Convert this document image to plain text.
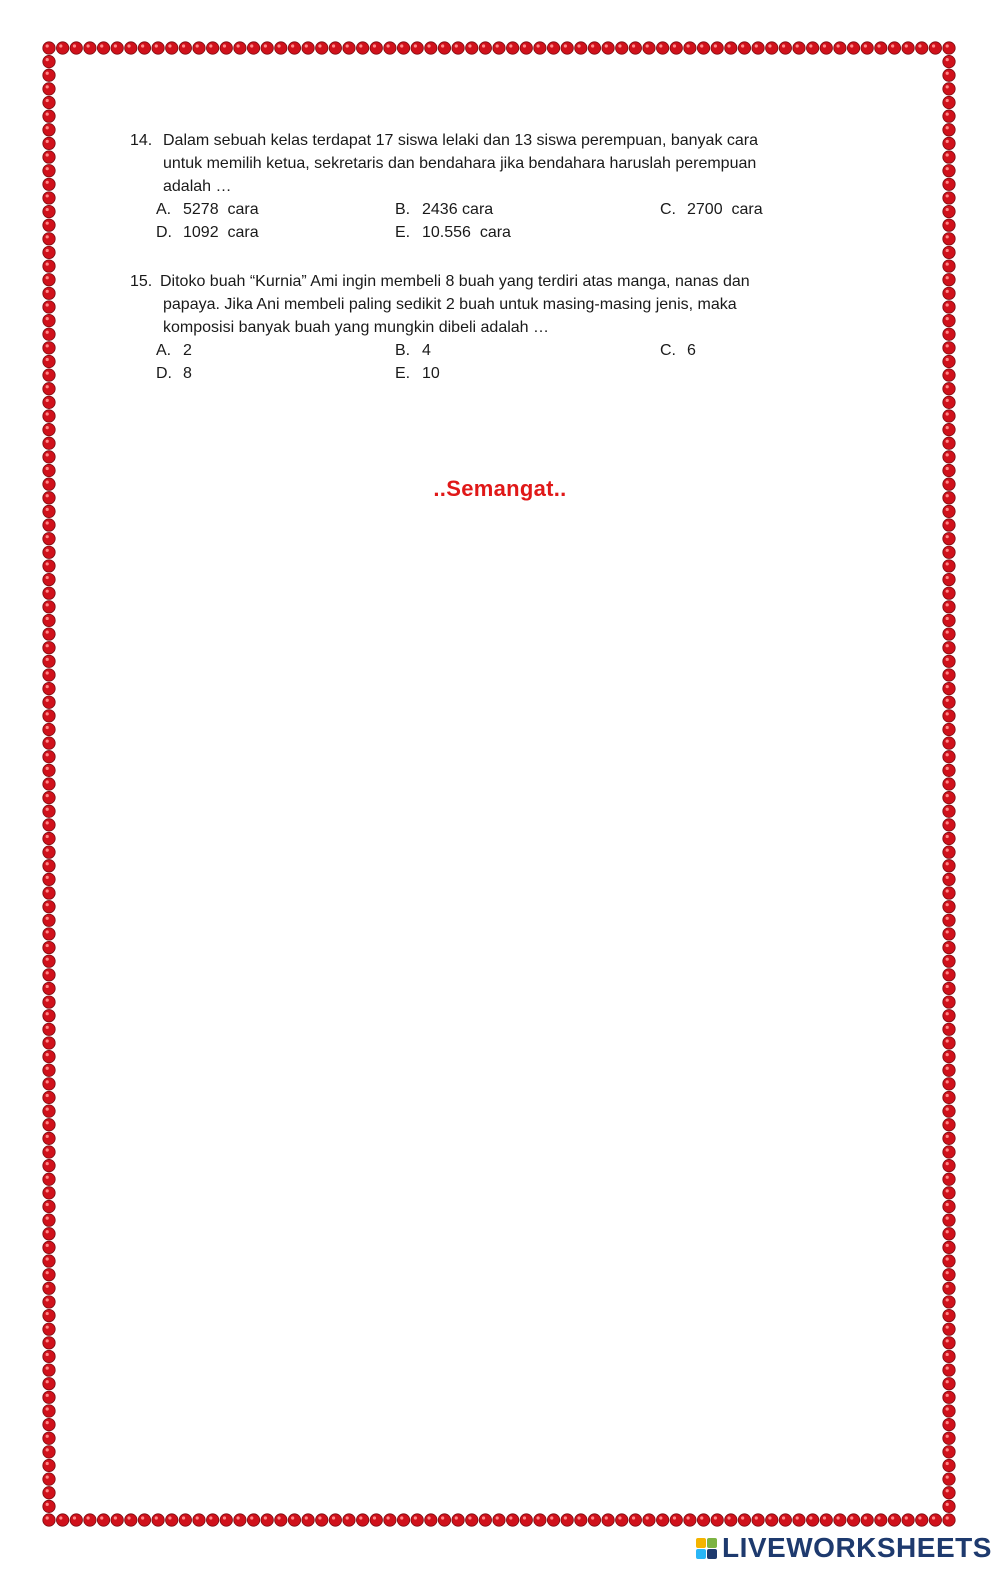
14. Dalam sebuah kelas terdapat 17 siswa lelaki dan 13 siswa perempuan, banyak cara
untuk memilih ketua, sekretaris dan bendahara jika bendahara haruslah perempuan
adalah …

A. 5278  cara	B. 2436 cara	C. 2700  cara
D. 1092  cara	E. 10.556  cara

15. Ditoko buah “Kurnia” Ami ingin membeli 8 buah yang terdiri atas manga, nanas dan
papaya. Jika Ani membeli paling sedikit 2 buah untuk masing-masing jenis, maka
komposisi banyak buah yang mungkin dibeli adalah …

A. 2	B. 4	C. 6
D. 8	E. 10
..Semangat..
LIVEWORKSHEETS
